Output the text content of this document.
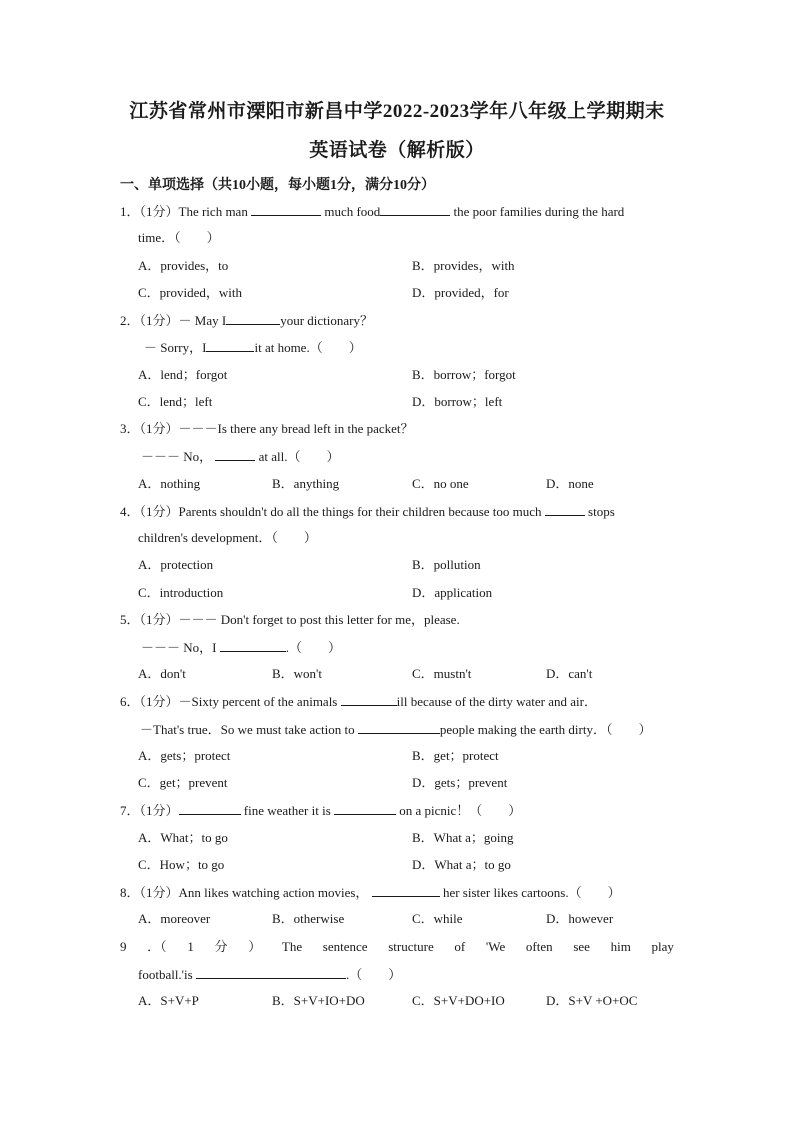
江苏省常州市溧阳市新昌中学2022-2023学年八年级上学期期末
英语试卷（解析版）
一、单项选择（共10小题，每小题1分，满分10分）
1．（1分）The rich man	much food	the poor families during the hard
time．（　　）
A．provides，to	B．provides，with
C．provided，with	D．provided，for
2．（1分）－ May I	your dictionary？
－ Sorry，I	it at home.（　　）
A．lend；forgot	B．borrow；forgot
C．lend；left	D．borrow；left
3．（1分）－－－Is there any bread left in the packet？
－－－ No，	at all.（　　）
A．nothing	B．anything	C．no one	D．none
4．（1分）Parents shouldn't do all the things for their children because too much	stops
children's development．（　　）
A．protection	B．pollution
C．introduction	D．application
5．（1分）－－－ Don't forget to post this letter for me，please.
－－－ No，I	.（　　）
A．don't	B．won't	C．mustn't	D．can't
6．（1分）－Sixty percent of the animals	ill because of the dirty water and air．
－That's true．So we must take action to	people making the earth dirty．（　　）
A．gets；protect	B．get；protect
C．get；prevent	D．gets；prevent
7．（1分）	fine weather it is	on a picnic！（　　）
A．What；to go	B．What a；going
C．How；to go	D．What a；to go
8．（1分）Ann likes watching action movies，	her sister likes cartoons.（　　）
A．moreover	B．otherwise	C．while	D．however
9 ．（ 1 分 ） The sentence structure of 'We often see him play
football.'is	.（　　）
A．S+V+P	B．S+V+IO+DO	C．S+V+DO+IO	D．S+V +O+OC
